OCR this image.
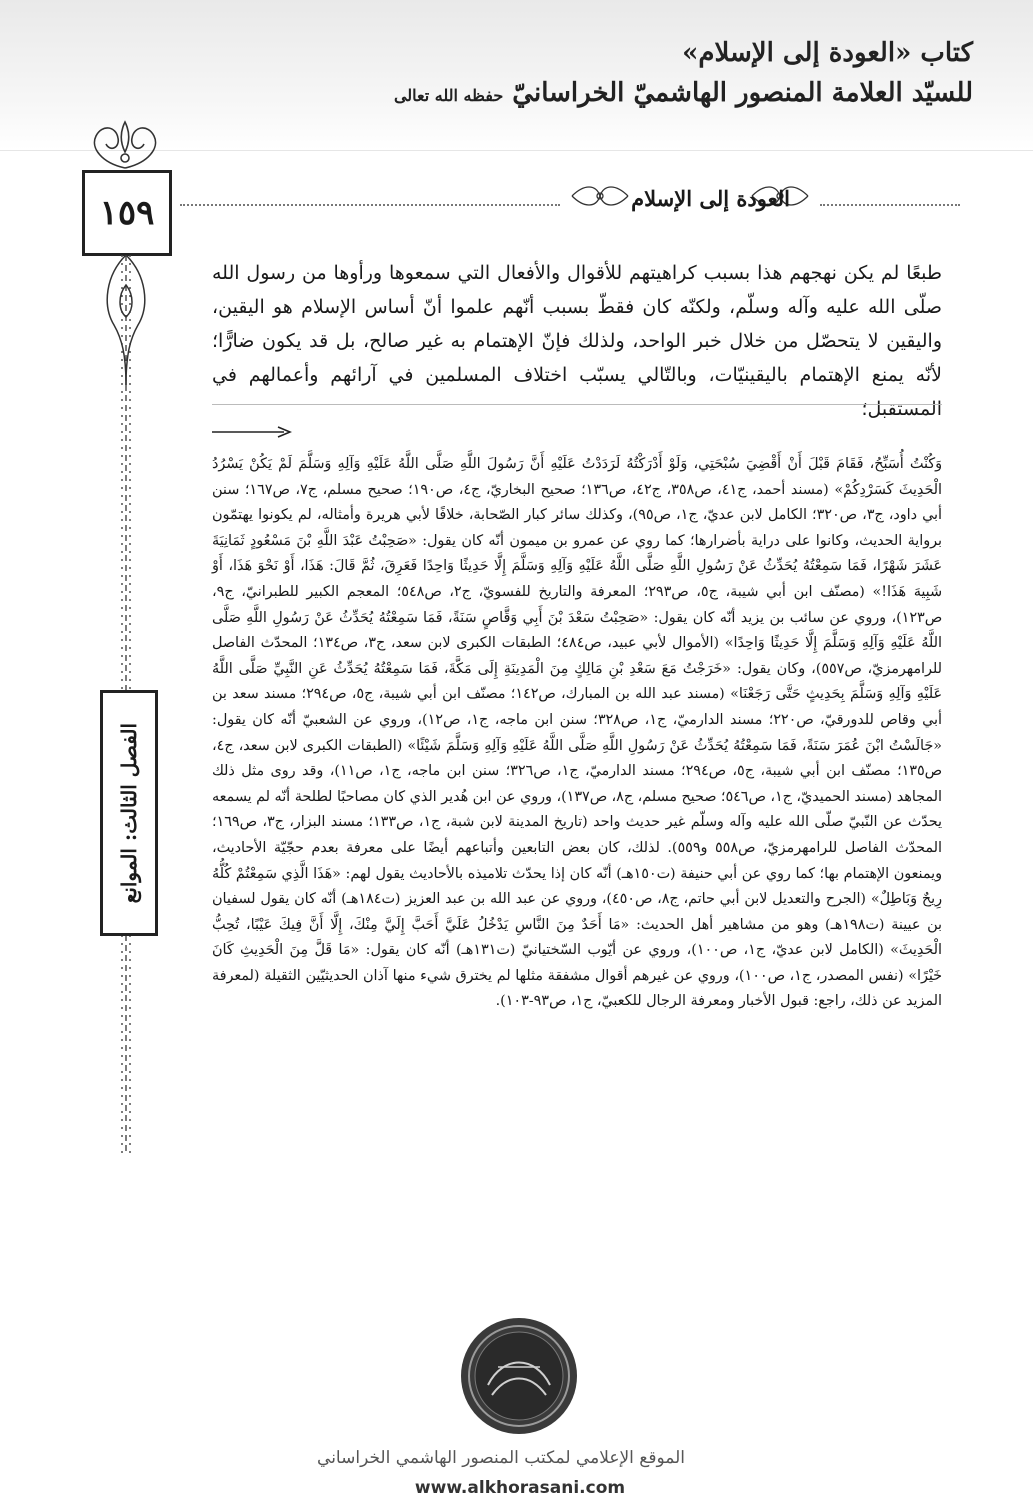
كتاب «العودة إلى الإسلام»
للسيّد العلامة المنصور الهاشميّ الخراسانيّ حفظه الله تعالى
١٥٩
الفصل الثالث: الموانع
العودة إلى الإسلام

طبعًا لم يكن نهجهم هذا بسبب كراهيتهم للأقوال والأفعال التي سمعوها ورأوها من رسول الله صلّى الله عليه وآله وسلّم، ولكنّه كان فقطّ بسبب أنّهم علموا أنّ أساس الإسلام هو اليقين، واليقين لا يتحصّل من خلال خبر الواحد، ولذلك فإنّ الإهتمام به غير صالح، بل قد يكون ضارًّا؛ لأنّه يمنع الإهتمام باليقينيّات، وبالتّالي يسبّب اختلاف المسلمين في آرائهم وأعمالهم في المستقبل؛

وَكُنْتُ أُسَبِّحُ، فَقَامَ قَبْلَ أَنْ أَقْضِيَ سُبْحَتِي، وَلَوْ أَدْرَكْتُهُ لَرَدَدْتُ عَلَيْهِ أَنَّ رَسُولَ اللَّهِ صَلَّى اللَّهُ عَلَيْهِ وَآلِهِ وَسَلَّمَ لَمْ يَكُنْ يَسْرُدُ الْحَدِيثَ كَسَرْدِكُمْ» (مسند أحمد، ج٤١، ص٣٥٨، ج٤٢، ص١٣٦؛ صحيح البخاريّ، ج٤، ص١٩٠؛ صحيح مسلم، ج٧، ص١٦٧؛ سنن أبي داود، ج٣، ص٣٢٠؛ الكامل لابن عديّ، ج١، ص٩٥)، وكذلك سائر كبار الصّحابة، خلافًا لأبي هريرة وأمثاله، لم يكونوا يهتمّون برواية الحديث، وكانوا على دراية بأضرارها؛ كما روي عن عمرو بن ميمون أنّه كان يقول: «صَحِبْتُ عَبْدَ اللَّهِ بْنَ مَسْعُودٍ ثَمَانِيَةَ عَشَرَ شَهْرًا، فَمَا سَمِعْتُهُ يُحَدِّثُ عَنْ رَسُولِ اللَّهِ صَلَّى اللَّهُ عَلَيْهِ وَآلِهِ وَسَلَّمَ إِلَّا حَدِيثًا وَاحِدًا فَعَرِقَ، ثُمَّ قَالَ: هَذَا، أَوْ نَحْوَ هَذَا، أَوْ شَبِيهَ هَذَا!» (مصنّف ابن أبي شيبة، ج٥، ص٢٩٣؛ المعرفة والتاريخ للفسويّ، ج٢، ص٥٤٨؛ المعجم الكبير للطبرانيّ، ج٩، ص١٢٣)، وروي عن سائب بن يزيد أنّه كان يقول: «صَحِبْتُ سَعْدَ بْنَ أَبِي وَقَّاصٍ سَنَةً، فَمَا سَمِعْتُهُ يُحَدِّثُ عَنْ رَسُولِ اللَّهِ صَلَّى اللَّهُ عَلَيْهِ وَآلِهِ وَسَلَّمَ إِلَّا حَدِيثًا وَاحِدًا» (الأموال لأبي عبيد، ص٤٨٤؛ الطبقات الكبرى لابن سعد، ج٣، ص١٣٤؛ المحدّث الفاصل للرامهرمزيّ، ص٥٥٧)، وكان يقول: «خَرَجْتُ مَعَ سَعْدِ بْنِ مَالِكٍ مِنَ الْمَدِينَةِ إِلَى مَكَّةَ، فَمَا سَمِعْتُهُ يُحَدِّثُ عَنِ النَّبِيِّ صَلَّى اللَّهُ عَلَيْهِ وَآلِهِ وَسَلَّمَ بِحَدِيثٍ حَتَّى رَجَعْنَا» (مسند عبد الله بن المبارك، ص١٤٢؛ مصنّف ابن أبي شيبة، ج٥، ص٢٩٤؛ مسند سعد بن أبي وقاص للدورقيّ، ص٢٢٠؛ مسند الدارميّ، ج١، ص٣٢٨؛ سنن ابن ماجه، ج١، ص١٢)، وروي عن الشعبيّ أنّه كان يقول: «جَالَسْتُ ابْنَ عُمَرَ سَنَةً، فَمَا سَمِعْتُهُ يُحَدِّثُ عَنْ رَسُولِ اللَّهِ صَلَّى اللَّهُ عَلَيْهِ وَآلِهِ وَسَلَّمَ شَيْئًا» (الطبقات الكبرى لابن سعد، ج٤، ص١٣٥؛ مصنّف ابن أبي شيبة، ج٥، ص٢٩٤؛ مسند الدارميّ، ج١، ص٣٢٦؛ سنن ابن ماجه، ج١، ص١١)، وقد روى مثل ذلك المجاهد (مسند الحميديّ، ج١، ص٥٤٦؛ صحيح مسلم، ج٨، ص١٣٧)، وروي عن ابن هُدير الذي كان مصاحبًا لطلحة أنّه لم يسمعه يحدّث عن النّبيّ صلّى الله عليه وآله وسلّم غير حديث واحد (تاريخ المدينة لابن شبة، ج١، ص١٣٣؛ مسند البزار، ج٣، ص١٦٩؛ المحدّث الفاصل للرامهرمزيّ، ص٥٥٨ و٥٥٩). لذلك، كان بعض التابعين وأتباعهم أيضًا على معرفة بعدم حجّيّة الأحاديث، ويمنعون الإهتمام بها؛ كما روي عن أبي حنيفة (ت١٥٠هـ) أنّه كان إذا يحدّث تلاميذه بالأحاديث يقول لهم: «هَذَا الَّذِي سَمِعْتُمْ كُلُّهُ رِيحٌ وَبَاطِلٌ» (الجرح والتعديل لابن أبي حاتم، ج٨، ص٤٥٠)، وروي عن عبد الله بن عبد العزيز (ت١٨٤هـ) أنّه كان يقول لسفيان بن عيينة (ت١٩٨هـ) وهو من مشاهير أهل الحديث: «مَا أَحَدٌ مِنَ النَّاسِ يَدْخُلُ عَلَيَّ أَحَبَّ إِلَيَّ مِنْكَ، إِلَّا أَنَّ فِيكَ عَيْبًا، تُحِبُّ الْحَدِيثَ» (الكامل لابن عديّ، ج١، ص١٠٠)، وروي عن أيّوب السّختيانيّ (ت١٣١هـ) أنّه كان يقول: «مَا قَلَّ مِنَ الْحَدِيثِ كَانَ خَيْرًا» (نفس المصدر، ج١، ص١٠٠)، وروي عن غيرهم أقوال مشفقة مثلها لم يخترق شيء منها آذان الحديثيّين الثقيلة (لمعرفة المزيد عن ذلك، راجع: قبول الأخبار ومعرفة الرجال للكعبيّ، ج١، ص٩٣-١٠٣).

الموقع الإعلامي لمكتب المنصور الهاشمي الخراساني
www.alkhorasani.com
